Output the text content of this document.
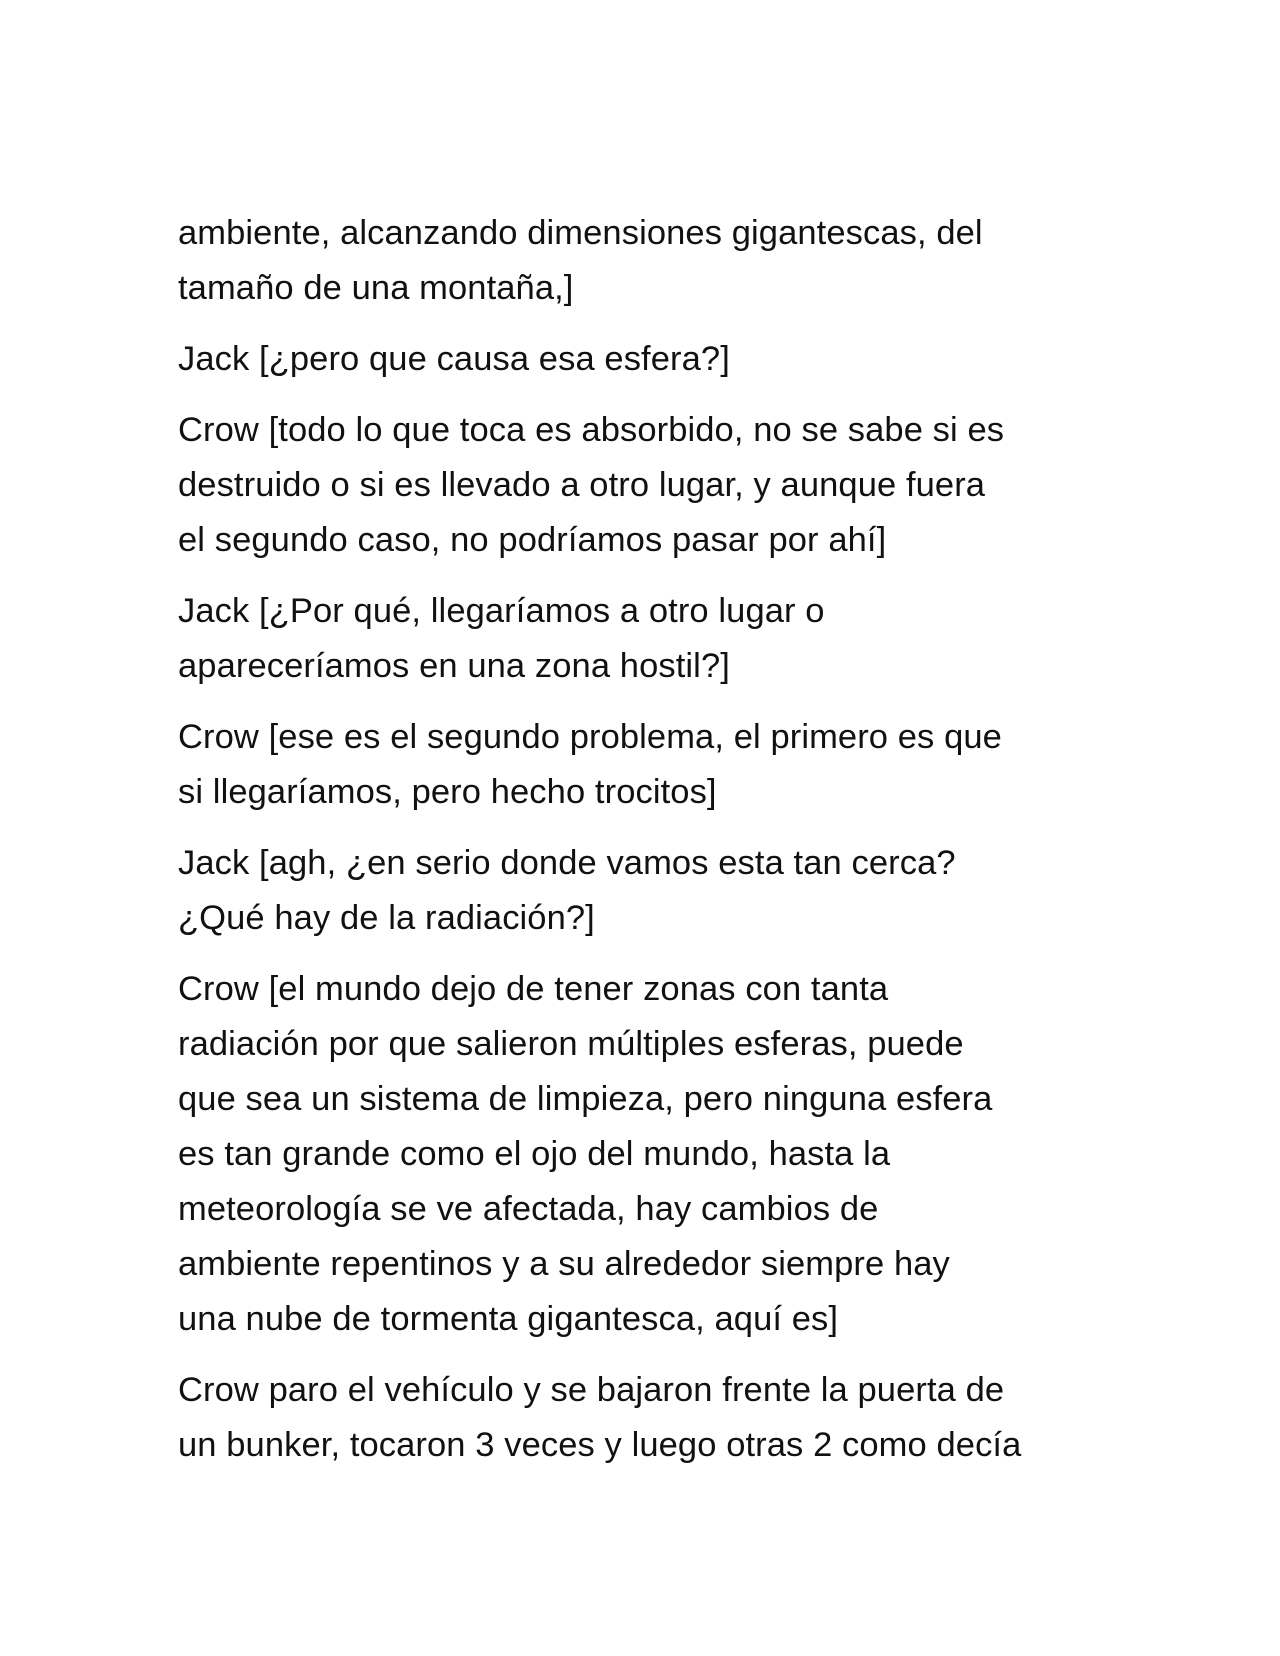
ambiente, alcanzando dimensiones gigantescas, del
tamaño de una montaña,]

Jack [¿pero que causa esa esfera?]

Crow [todo lo que toca es absorbido, no se sabe si es
destruido o si es llevado a otro lugar, y aunque fuera
el segundo caso, no podríamos pasar por ahí]

Jack [¿Por qué, llegaríamos a otro lugar o
apareceríamos en una zona hostil?]

Crow [ese es el segundo problema, el primero es que
si llegaríamos, pero hecho trocitos]

Jack [agh, ¿en serio donde vamos esta tan cerca?
¿Qué hay de la radiación?]

Crow [el mundo dejo de tener zonas con tanta
radiación por que salieron múltiples esferas, puede
que sea un sistema de limpieza, pero ninguna esfera
es tan grande como el ojo del mundo, hasta la
meteorología se ve afectada, hay cambios de
ambiente repentinos y a su alrededor siempre hay
una nube de tormenta gigantesca, aquí es]

Crow paro el vehículo y se bajaron frente la puerta de
un bunker, tocaron 3 veces y luego otras 2 como decía
